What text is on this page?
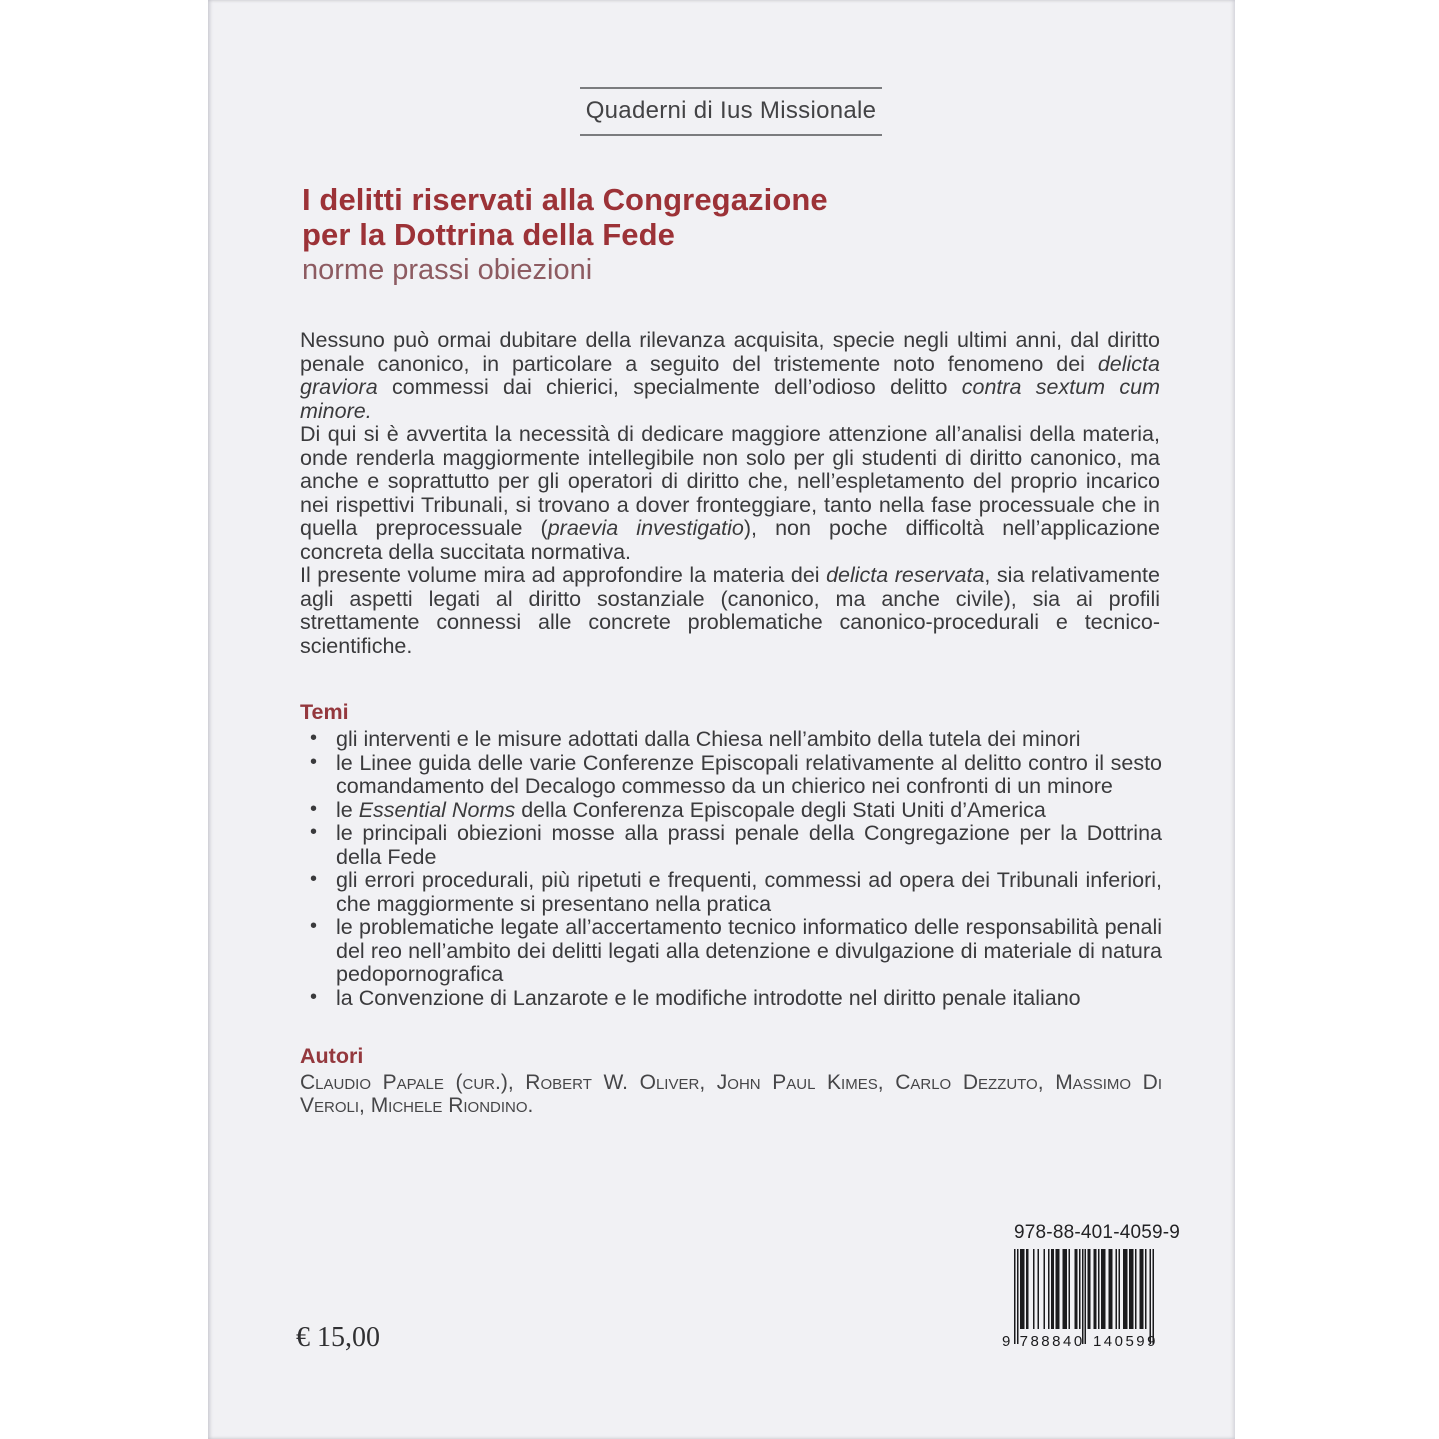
Quaderni di Ius Missionale
I delitti riservati alla Congregazione
per la Dottrina della Fede
norme prassi obiezioni
Nessuno può ormai dubitare della rilevanza acquisita, specie negli ultimi anni, dal diritto penale canonico, in particolare a seguito del tristemente noto fenomeno dei delicta graviora commessi dai chierici, specialmente dell’odioso delitto contra sextum cum minore.
Di qui si è avvertita la necessità di dedicare maggiore attenzione all’analisi della materia, onde renderla maggiormente intellegibile non solo per gli studenti di diritto canonico, ma anche e soprattutto per gli operatori di diritto che, nell’espletamento del proprio incarico nei rispettivi Tribunali, si trovano a dover fronteggiare, tanto nella fase processuale che in quella preprocessuale (praevia investigatio), non poche difficoltà nell’applicazione concreta della succitata normativa.
Il presente volume mira ad approfondire la materia dei delicta reservata, sia relativamente agli aspetti legati al diritto sostanziale (canonico, ma anche civile), sia ai profili strettamente connessi alle concrete problematiche canonico-procedurali e tecnico-scientifiche.
Temi
• gli interventi e le misure adottati dalla Chiesa nell’ambito della tutela dei minori
• le Linee guida delle varie Conferenze Episcopali relativamente al delitto contro il sesto comandamento del Decalogo commesso da un chierico nei confronti di un minore
• le Essential Norms della Conferenza Episcopale degli Stati Uniti d’America
• le principali obiezioni mosse alla prassi penale della Congregazione per la Dottrina della Fede
• gli errori procedurali, più ripetuti e frequenti, commessi ad opera dei Tribunali inferiori, che maggiormente si presentano nella pratica
• le problematiche legate all’accertamento tecnico informatico delle responsabilità penali del reo nell’ambito dei delitti legati alla detenzione e divulgazione di materiale di natura pedopornografica
• la Convenzione di Lanzarote e le modifiche introdotte nel diritto penale italiano
Autori
Claudio Papale (cur.), Robert W. Oliver, John Paul Kimes, Carlo Dezzuto, Massimo Di Veroli, Michele Riondino.
€ 15,00
978-88-401-4059-9
9 788840 140599
